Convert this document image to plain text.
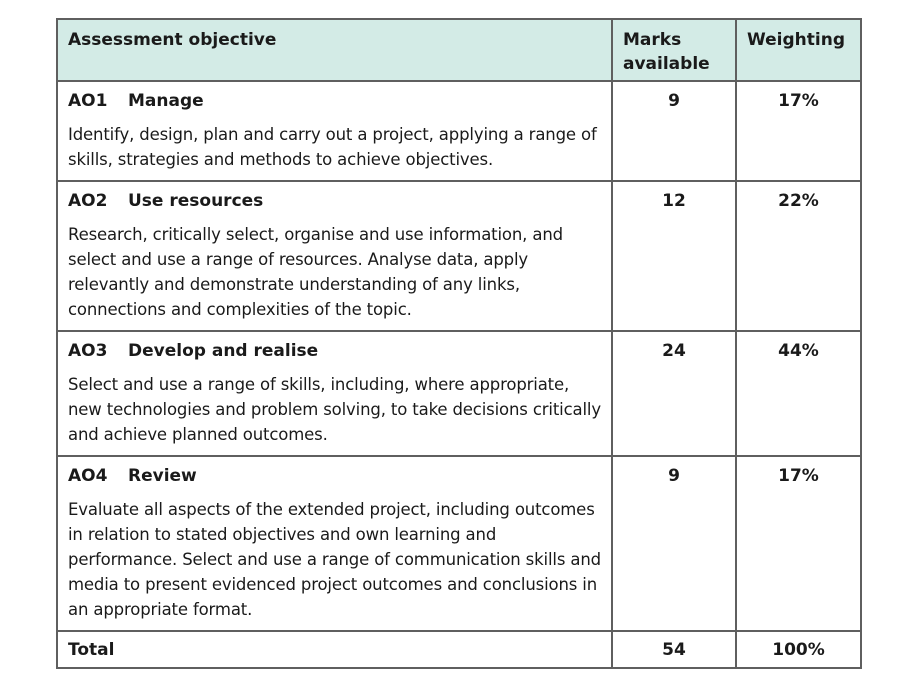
Assessment objective	Marks available	Weighting

AO1 Manage
Identify, design, plan and carry out a project, applying a range of skills, strategies and methods to achieve objectives.	9	17%

AO2 Use resources
Research, critically select, organise and use information, and select and use a range of resources. Analyse data, apply relevantly and demonstrate understanding of any links, connections and complexities of the topic.	12	22%

AO3 Develop and realise
Select and use a range of skills, including, where appropriate, new technologies and problem solving, to take decisions critically and achieve planned outcomes.	24	44%

AO4 Review
Evaluate all aspects of the extended project, including outcomes in relation to stated objectives and own learning and performance. Select and use a range of communication skills and media to present evidenced project outcomes and conclusions in an appropriate format.	9	17%

Total	54	100%
